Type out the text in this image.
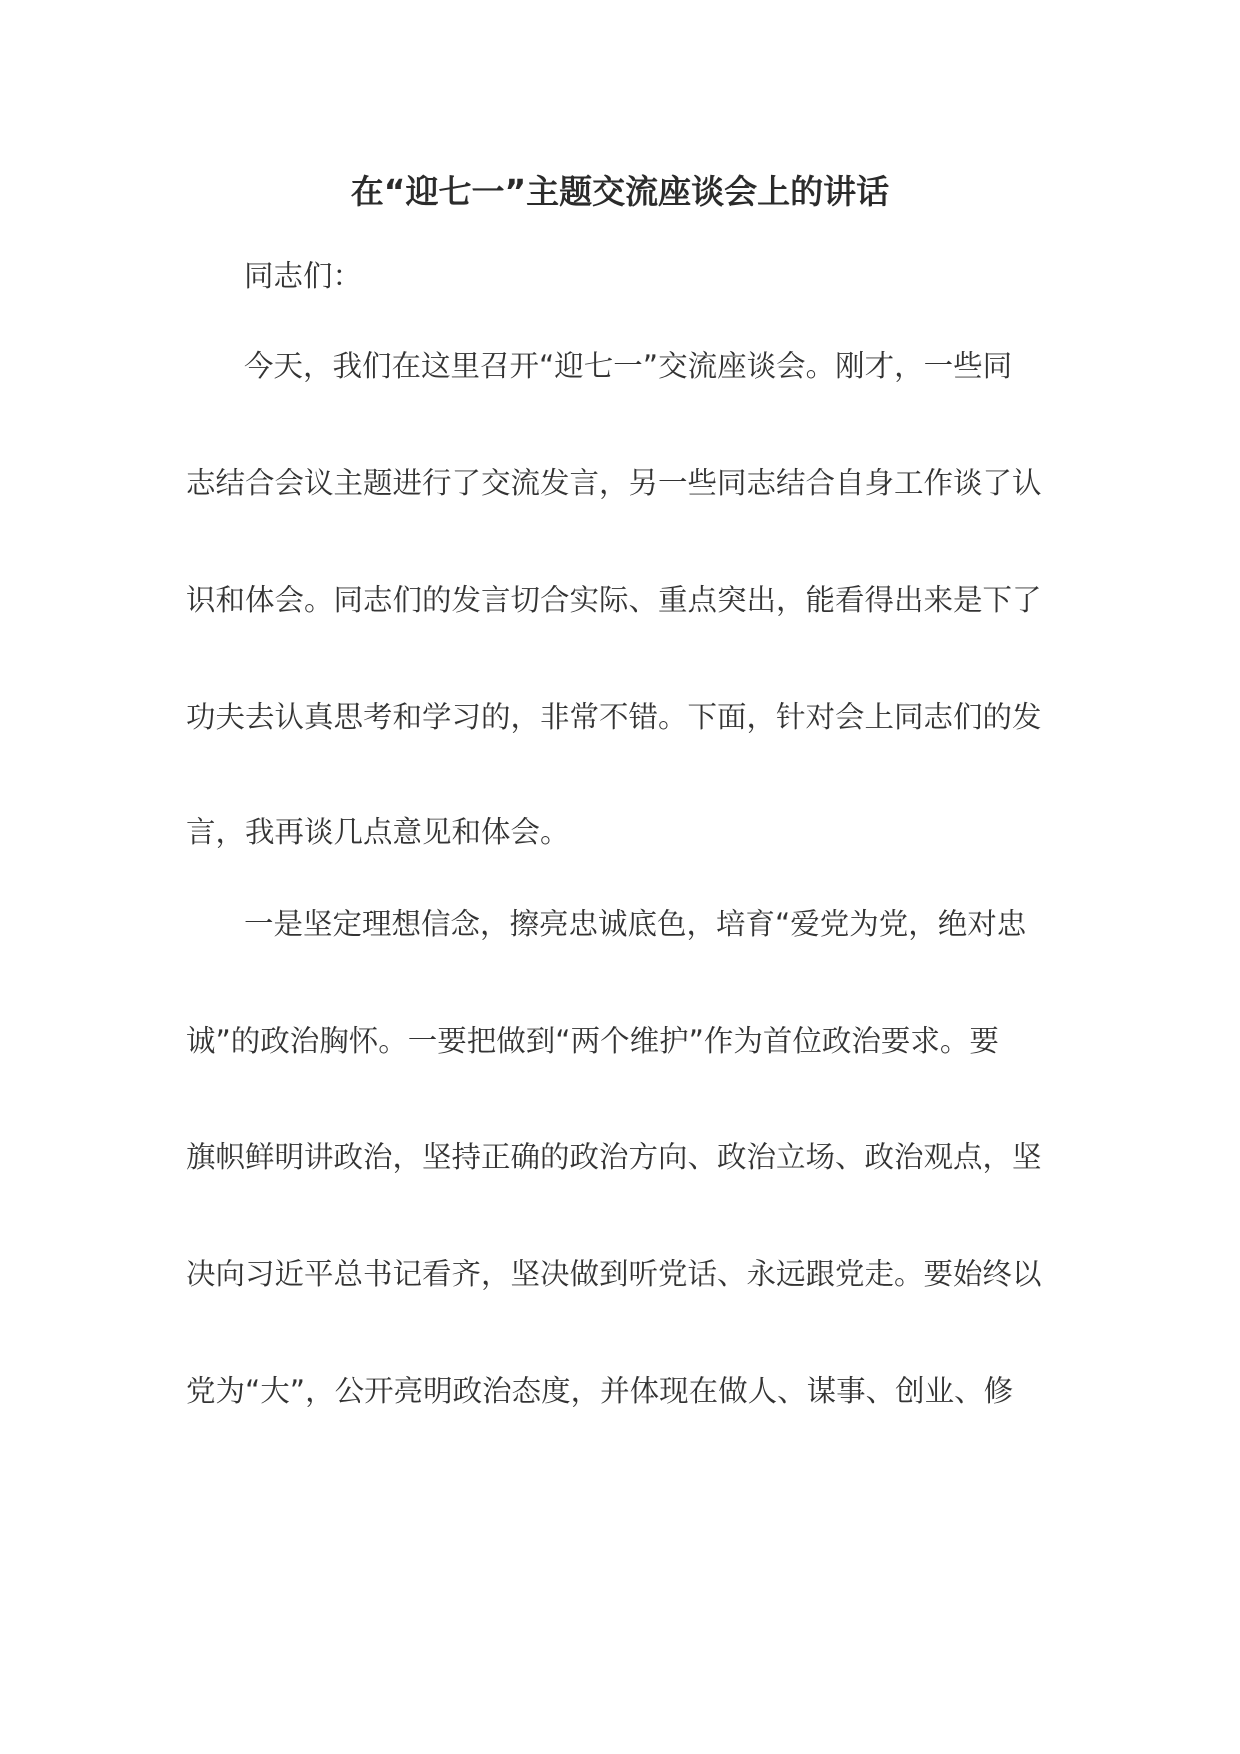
在“迎七一”主题交流座谈会上的讲话
同志们：
今天，我们在这里召开“迎七一”交流座谈会。刚才，一些同
志结合会议主题进行了交流发言，另一些同志结合自身工作谈了认
识和体会。同志们的发言切合实际、重点突出，能看得出来是下了
功夫去认真思考和学习的，非常不错。下面，针对会上同志们的发
言，我再谈几点意见和体会。
一是坚定理想信念，擦亮忠诚底色，培育“爱党为党，绝对忠
诚”的政治胸怀。一要把做到“两个维护”作为首位政治要求。要
旗帜鲜明讲政治，坚持正确的政治方向、政治立场、政治观点，坚
决向习近平总书记看齐，坚决做到听党话、永远跟党走。要始终以
党为“大”，公开亮明政治态度，并体现在做人、谋事、创业、修
